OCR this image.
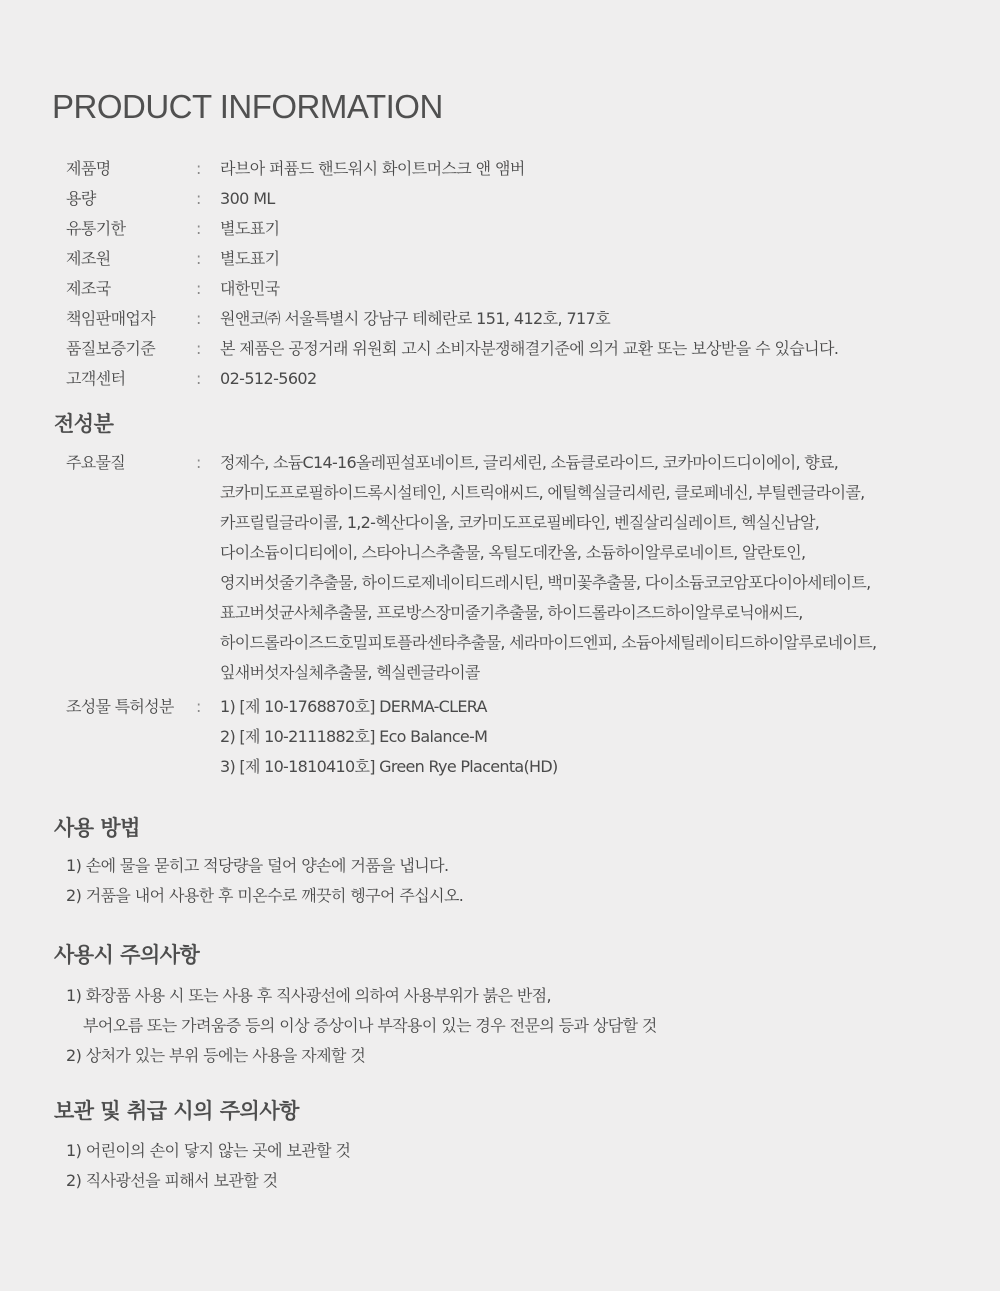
PRODUCT INFORMATION
제품명	:	라브아 퍼퓸드 핸드워시 화이트머스크 앤 앰버
용량	:	300 ML
유통기한	:	별도표기
제조원	:	별도표기
제조국	:	대한민국
책임판매업자	:	원앤코㈜ 서울특별시 강남구 테헤란로 151, 412호, 717호
품질보증기준	:	본 제품은 공정거래 위원회 고시 소비자분쟁해결기준에 의거 교환 또는 보상받을 수 있습니다.
고객센터	:	02-512-5602
전성분
주요물질	:	정제수, 소듐C14-16올레핀설포네이트, 글리세린, 소듐클로라이드, 코카마이드디이에이, 향료,
코카미도프로필하이드록시설테인, 시트릭애씨드, 에틸헥실글리세린, 클로페네신, 부틸렌글라이콜,
카프릴릴글라이콜, 1,2-헥산다이올, 코카미도프로필베타인, 벤질살리실레이트, 헥실신남알,
다이소듐이디티에이, 스타아니스추출물, 옥틸도데칸올, 소듐하이알루로네이트, 알란토인,
영지버섯줄기추출물, 하이드로제네이티드레시틴, 백미꽃추출물, 다이소듐코코암포다이아세테이트,
표고버섯균사체추출물, 프로방스장미줄기추출물, 하이드롤라이즈드하이알루로닉애씨드,
하이드롤라이즈드호밀피토플라센타추출물, 세라마이드엔피, 소듐아세틸레이티드하이알루로네이트,
잎새버섯자실체추출물, 헥실렌글라이콜
조성물 특허성분	:	1) [제 10-1768870호] DERMA-CLERA
2) [제 10-2111882호] Eco Balance-M
3) [제 10-1810410호] Green Rye Placenta(HD)
사용 방법
1) 손에 물을 묻히고 적당량을 덜어 양손에 거품을 냅니다.
2) 거품을 내어 사용한 후 미온수로 깨끗히 헹구어 주십시오.
사용시 주의사항
1) 화장품 사용 시 또는 사용 후 직사광선에 의하여 사용부위가 붉은 반점,
부어오름 또는 가려움증 등의 이상 증상이나 부작용이 있는 경우 전문의 등과 상담할 것
2) 상처가 있는 부위 등에는 사용을 자제할 것
보관 및 취급 시의 주의사항
1) 어린이의 손이 닿지 않는 곳에 보관할 것
2) 직사광선을 피해서 보관할 것
